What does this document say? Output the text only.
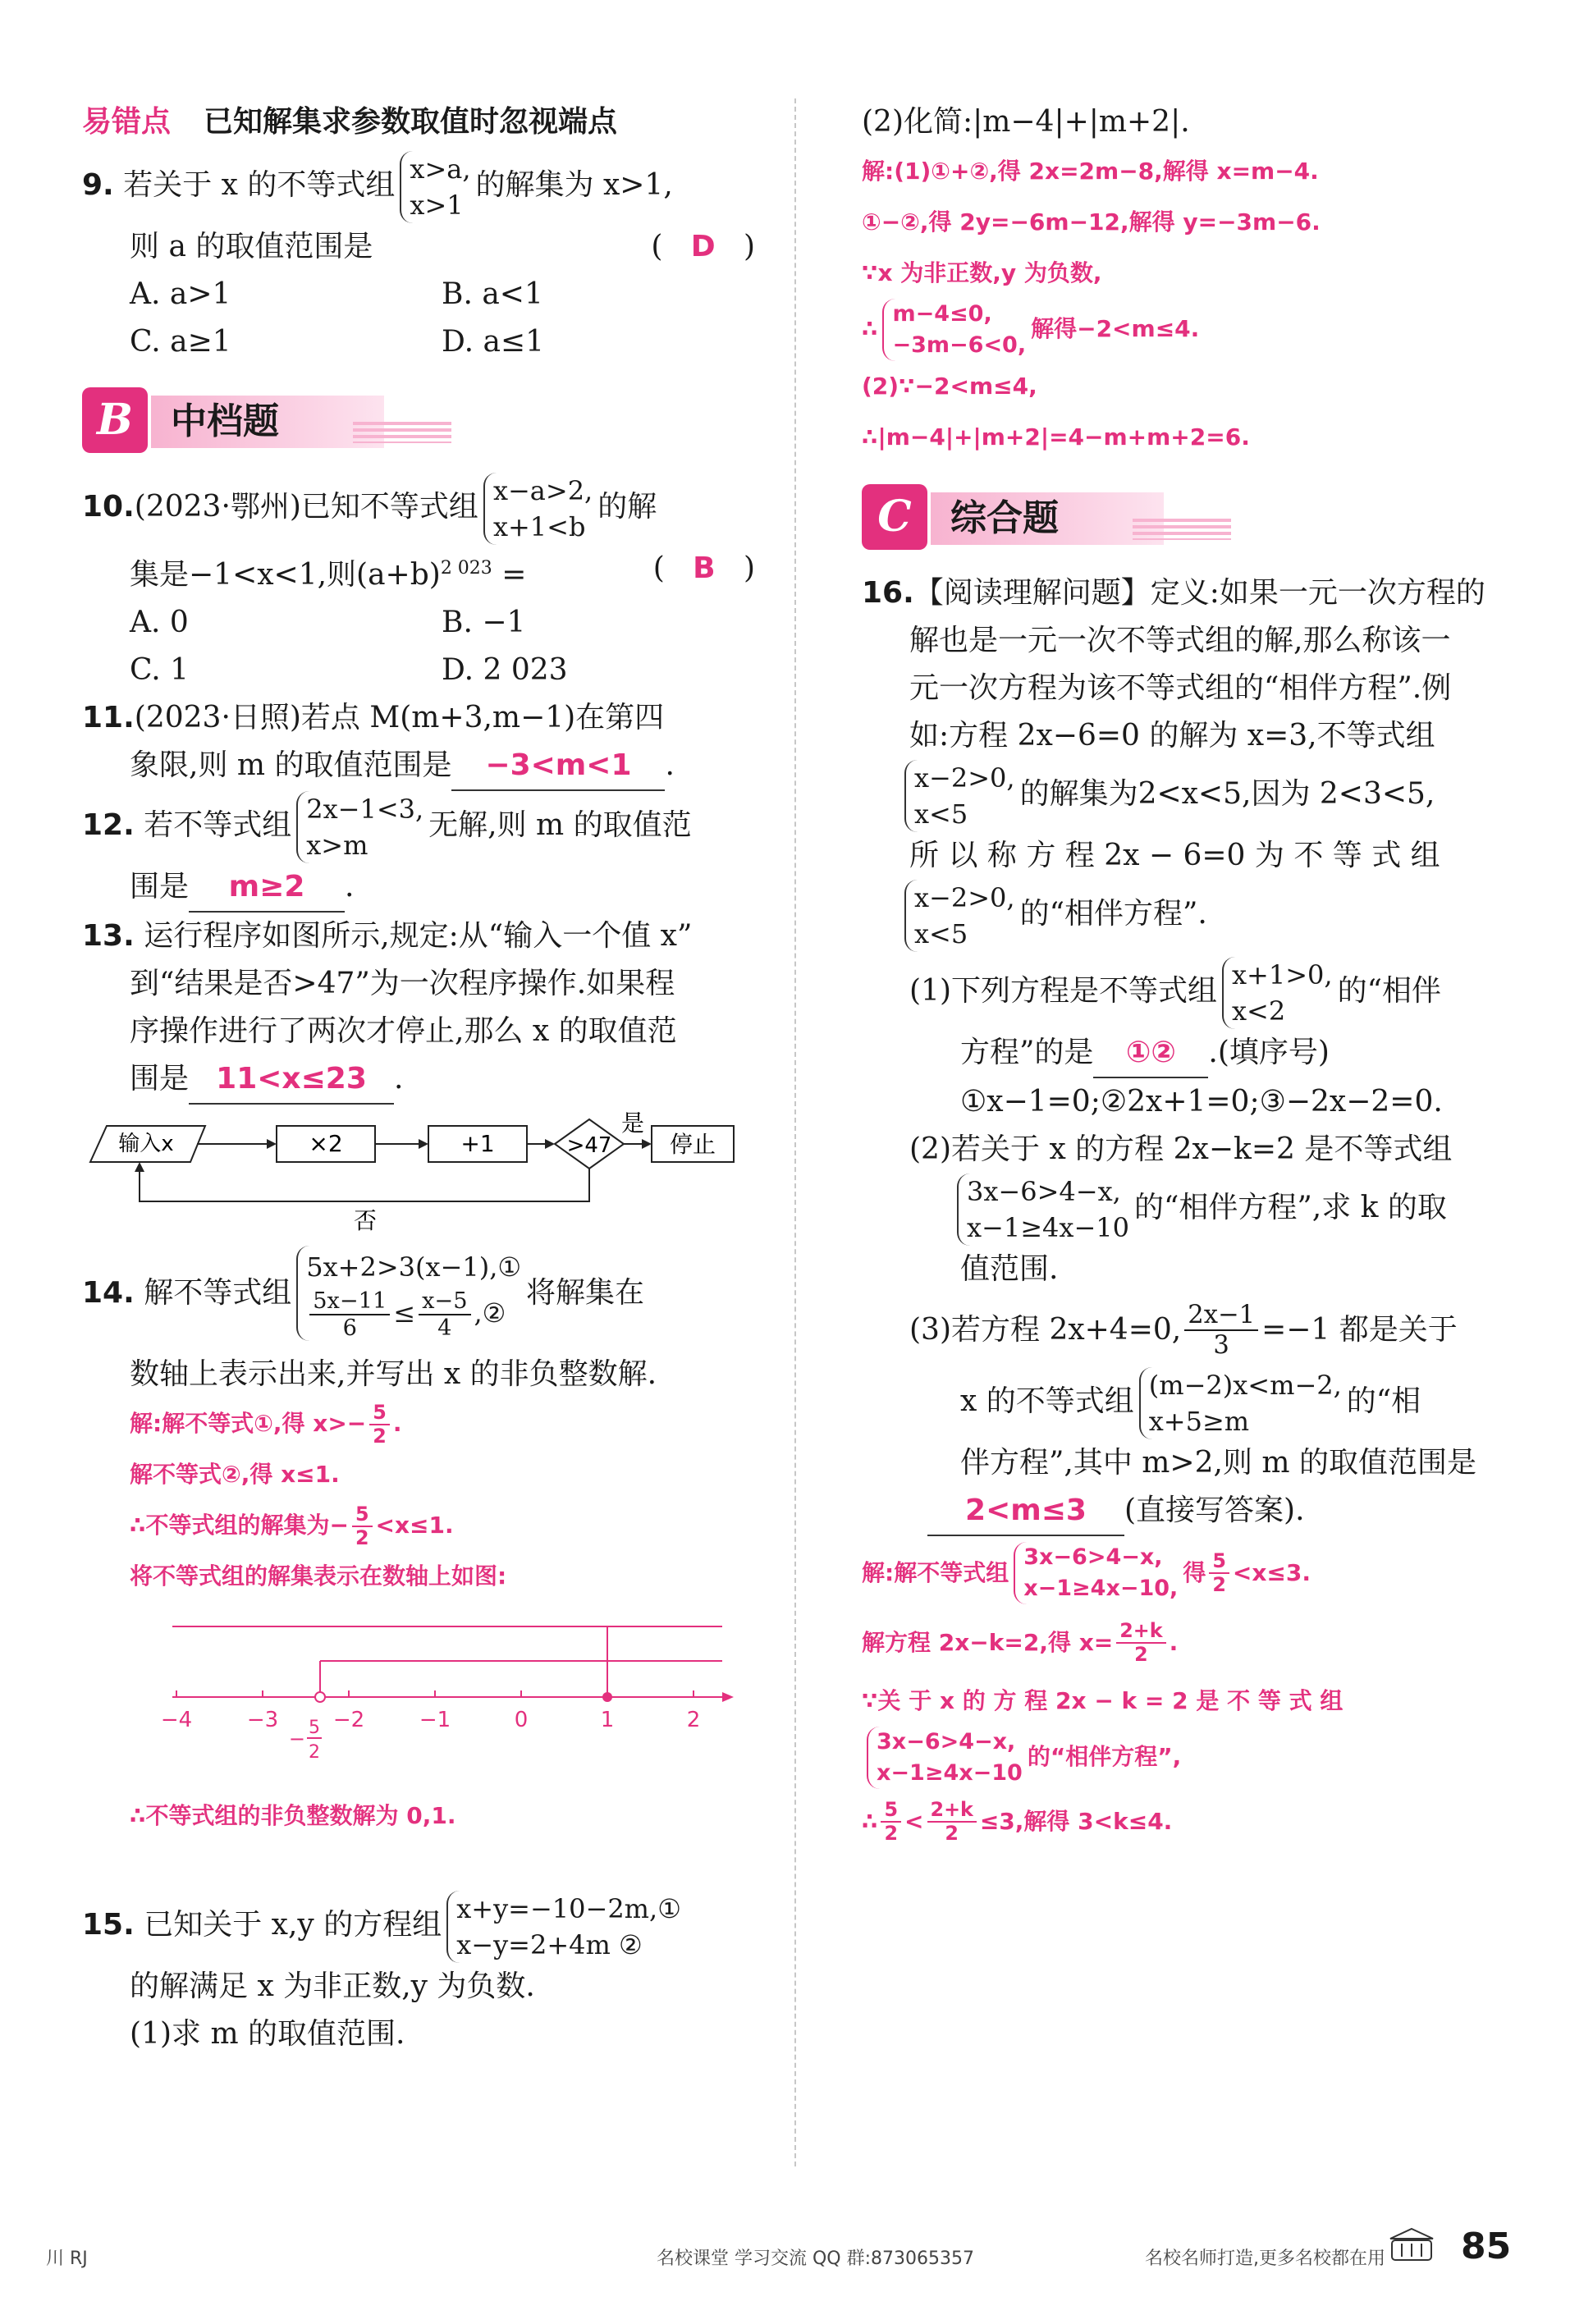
易错点 已知解集求参数取值时忽视端点
9. 若关于 x 的不等式组 x>a,
x>1
的解集为 x>1,
则 a 的取值范围是	(   D   )
A. a>1	B. a<1
C. a≥1	D. a≤1
B	中档题
10.(2023·鄂州)已知不等式组 x−a>2,
x+1<b
的解
集是−1<x<1,则$(a+b)^{2 023}$ =	(   B   )
A. 0	B. −1
C. 1	D. 2 023
11.(2023·日照)若点 M(m+3,m−1)在第四
象限,则 m 的取值范围是 −3<m<1 .
12. 若不等式组 2x−1<3,
x>m
无解,则 m 的取值范
围是 m≥2 .
13. 运行程序如图所示,规定:从“输入一个值 x”
到“结果是否>47”为一次程序操作.如果程
序操作进行了两次才停止,那么 x 的取值范
围是 11<x≤23 .
输入x	×2	+1	>47
是
停止
否
14.
解不等式组
5x+2>3(x−1),①
$\frac{5x-11}{6} \le \frac{x-5}{4}$ ,②
将解集在
数轴上表示出来,并写出 x 的非负整数解.
解:解不等式①,得 $x>- \frac{5}{2}$ .
解不等式②,得 x≤1.
∴不等式组的解集为− $\frac{5}{2} <x\le 1$.
将不等式组的解集表示在数轴上如图:
−4	−3	−2	−1	0	1	2
− 5
2
∴不等式组的非负整数解为 0,1.
15. 已知关于 x,y 的方程组 x+y=−10−2m,①
x−y=2+4m ②
的解满足 x 为非正数,y 为负数.
(1)求 m 的取值范围.
(2)化简:|m−4|+|m+2|.
解:(1)①+②,得 2x=2m−8,解得 x=m−4.
①−②,得 2y=−6m−12,解得 y=−3m−6.
∵x 为非正数,y 为负数,
∴
m−4≤0,
−3m−6<0,
解得−2<m≤4.
(2)∵−2<m≤4,
∴|m−4|+|m+2|=4−m+m+2=6.
C	综合题
16.【阅读理解问题】定义:如果一元一次方程的
解也是一元一次不等式组的解,那么称该一
元一次方程为该不等式组的“相伴方程”.例
如:方程 2x−6=0 的解为 x=3,不等式组
x−2>0,
x<5
的解集为2<x<5,因为 2<3<5,
所 以 称 方 程 2x − 6=0 为 不 等 式 组
x−2>0,
x<5
的“相伴方程”.
(1)下列方程是不等式组 x+1>0,
x<2
的“相伴
方程”的是 ①② .(填序号)
①x−1=0;②2x+1=0;③−2x−2=0.
(2)若关于 x 的方程 2x−k=2 是不等式组
3x−6>4−x,
x−1≥4x−10
的“相伴方程”,求 k 的取
值范围.
(3)若方程 2x+4=0, $\frac{2x-1}{3} =-1$ 都是关于
x 的不等式组 (m−2)x<m−2,
x+5≥m
的“相
伴方程”,其中 m>2,则 m 的取值范围是
2<m≤3 (直接写答案).
解:解不等式组
3x−6>4−x,
x−1≥4x−10,
得 $\frac{5}{2} <x\le 3$.
解方程 2x−k=2,得 $x= \frac{2+k}{2}$ .
∵关 于 x 的 方 程 2x − k = 2 是 不 等 式 组
3x−6>4−x,
x−1≥4x−10
的“相伴方程”,
∴ $\frac{5}{2} < \frac{2+k}{2} \le 3$,解得 3<k≤4.
川 RJ	名校课堂 学习交流 QQ 群:873065357	名校名师打造,更多名校都在用 85
